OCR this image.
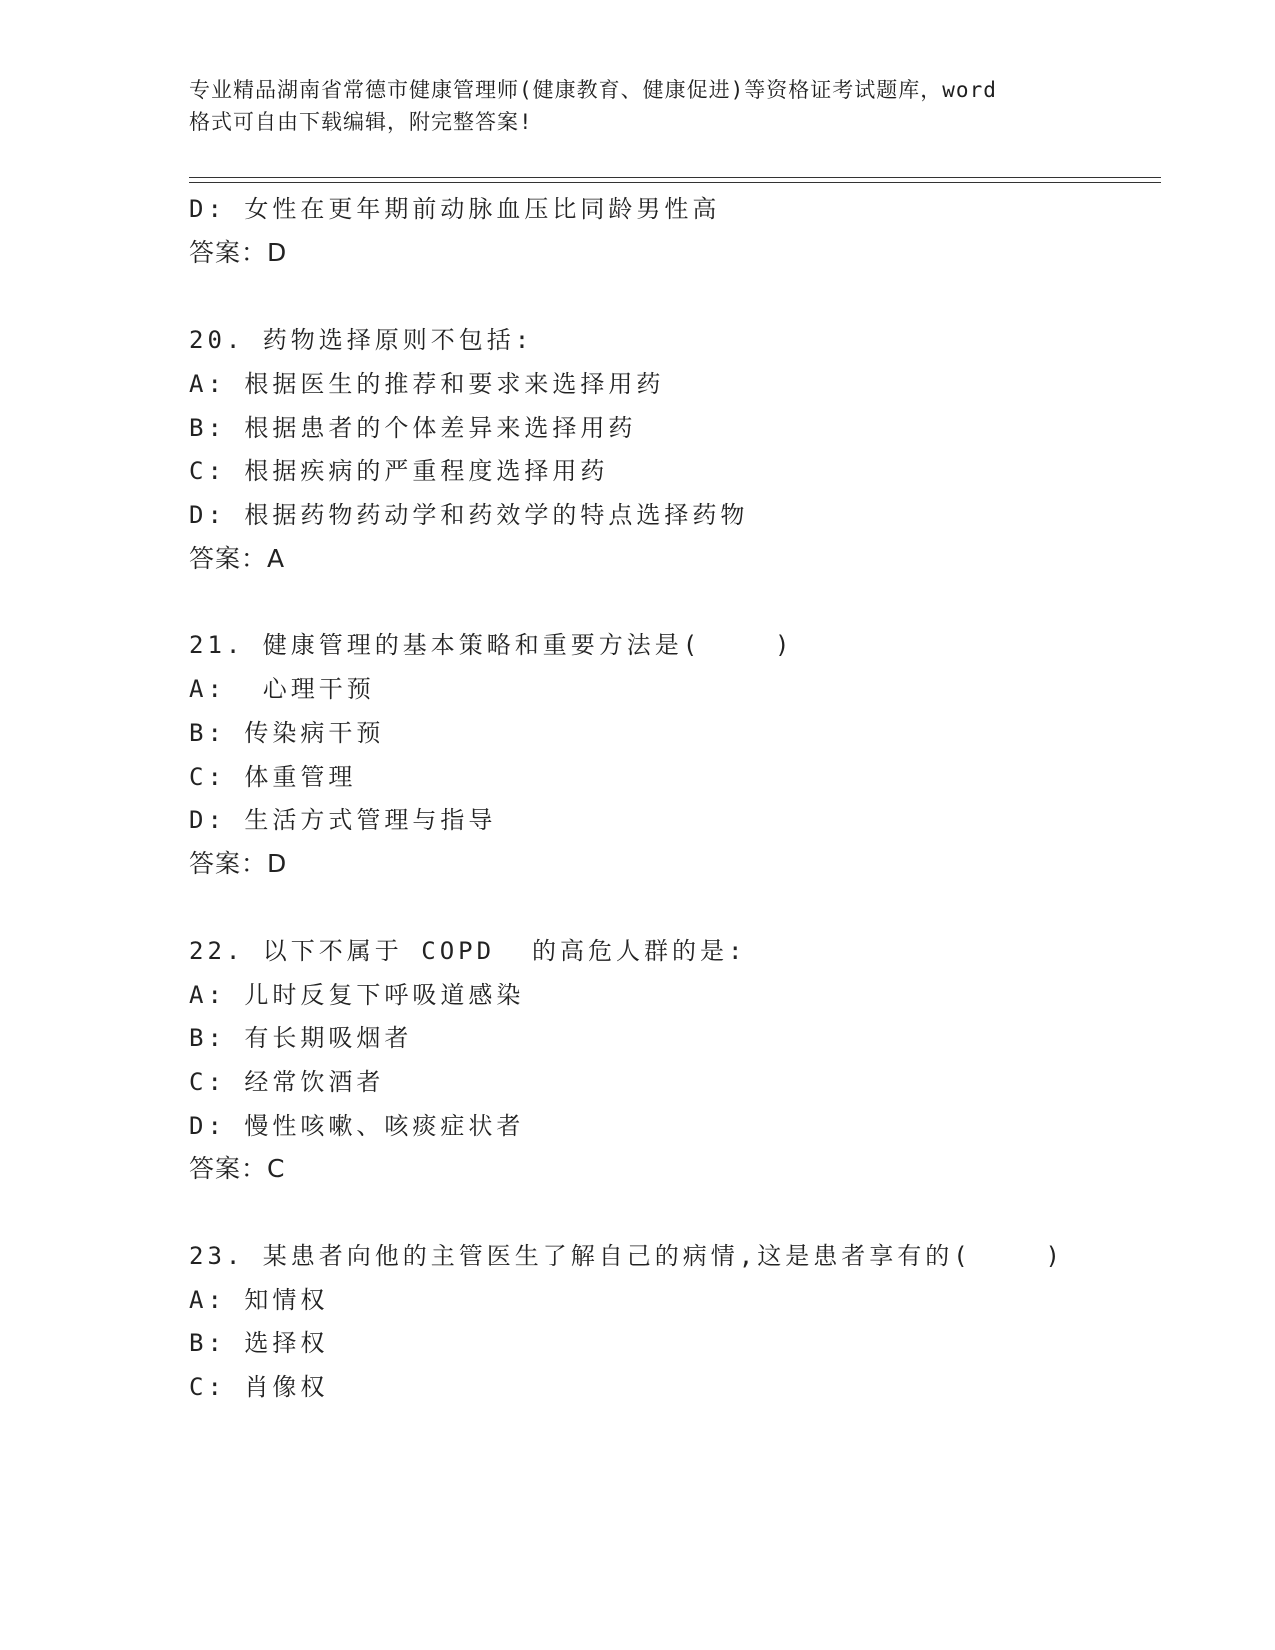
专业精品湖南省常德市健康管理师(健康教育、健康促进)等资格证考试题库，word
格式可自由下载编辑，附完整答案!
D: 女性在更年期前动脉血压比同龄男性高
答案：D
20. 药物选择原则不包括:
A: 根据医生的推荐和要求来选择用药
B: 根据患者的个体差异来选择用药
C: 根据疾病的严重程度选择用药
D: 根据药物药动学和药效学的特点选择药物
答案：A
21. 健康管理的基本策略和重要方法是(    )
A:  心理干预
B: 传染病干预
C: 体重管理
D: 生活方式管理与指导
答案：D
22. 以下不属于 COPD  的高危人群的是:
A: 儿时反复下呼吸道感染
B: 有长期吸烟者
C: 经常饮酒者
D: 慢性咳嗽、咳痰症状者
答案：C
23. 某患者向他的主管医生了解自己的病情,这是患者享有的(    )
A: 知情权
B: 选择权
C: 肖像权
